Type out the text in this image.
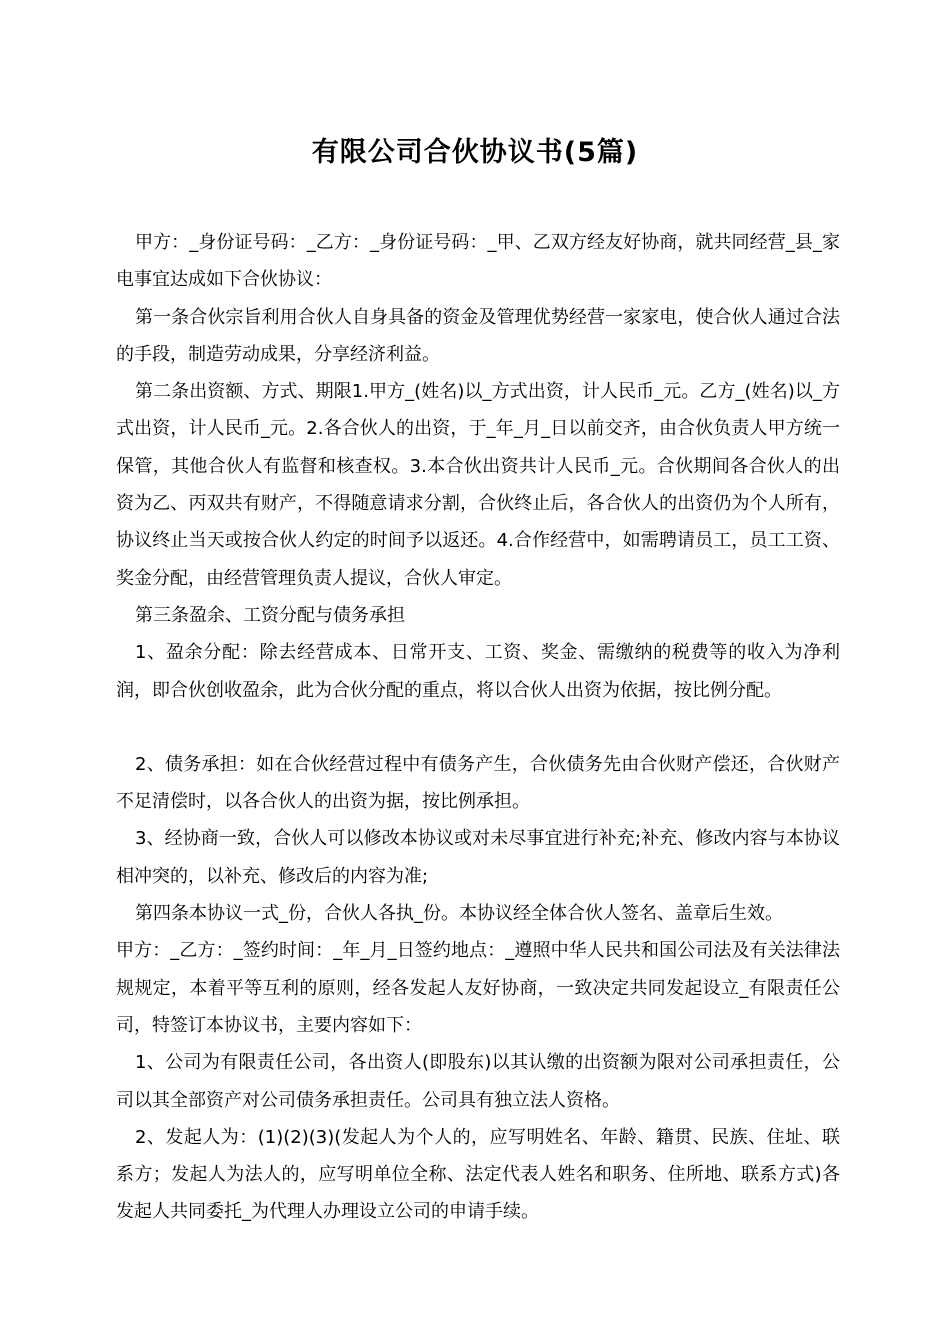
有限公司合伙协议书(5篇)

甲方：_身份证号码：_乙方：_身份证号码：_甲、乙双方经友好协商，就共同经营_县_家电事宜达成如下合伙协议：

第一条合伙宗旨利用合伙人自身具备的资金及管理优势经营一家家电，使合伙人通过合法的手段，制造劳动成果，分享经济利益。

第二条出资额、方式、期限1.甲方_(姓名)以_方式出资，计人民币_元。乙方_(姓名)以_方式出资，计人民币_元。2.各合伙人的出资，于_年_月_日以前交齐，由合伙负责人甲方统一保管，其他合伙人有监督和核查权。3.本合伙出资共计人民币_元。合伙期间各合伙人的出资为乙、丙双共有财产，不得随意请求分割，合伙终止后，各合伙人的出资仍为个人所有，协议终止当天或按合伙人约定的时间予以返还。4.合作经营中，如需聘请员工，员工工资、奖金分配，由经营管理负责人提议，合伙人审定。

第三条盈余、工资分配与债务承担

1、盈余分配：除去经营成本、日常开支、工资、奖金、需缴纳的税费等的收入为净利润，即合伙创收盈余，此为合伙分配的重点，将以合伙人出资为依据，按比例分配。

2、债务承担：如在合伙经营过程中有债务产生，合伙债务先由合伙财产偿还，合伙财产不足清偿时，以各合伙人的出资为据，按比例承担。

3、经协商一致，合伙人可以修改本协议或对未尽事宜进行补充;补充、修改内容与本协议相冲突的，以补充、修改后的内容为准;

第四条本协议一式_份，合伙人各执_份。本协议经全体合伙人签名、盖章后生效。

甲方：_乙方：_签约时间：_年_月_日签约地点：_遵照中华人民共和国公司法及有关法律法规规定，本着平等互利的原则，经各发起人友好协商，一致决定共同发起设立_有限责任公司，特签订本协议书，主要内容如下：

1、公司为有限责任公司，各出资人(即股东)以其认缴的出资额为限对公司承担责任，公司以其全部资产对公司债务承担责任。公司具有独立法人资格。

2、发起人为：(1)(2)(3)(发起人为个人的，应写明姓名、年龄、籍贯、民族、住址、联系方；发起人为法人的，应写明单位全称、法定代表人姓名和职务、住所地、联系方式)各发起人共同委托_为代理人办理设立公司的申请手续。
